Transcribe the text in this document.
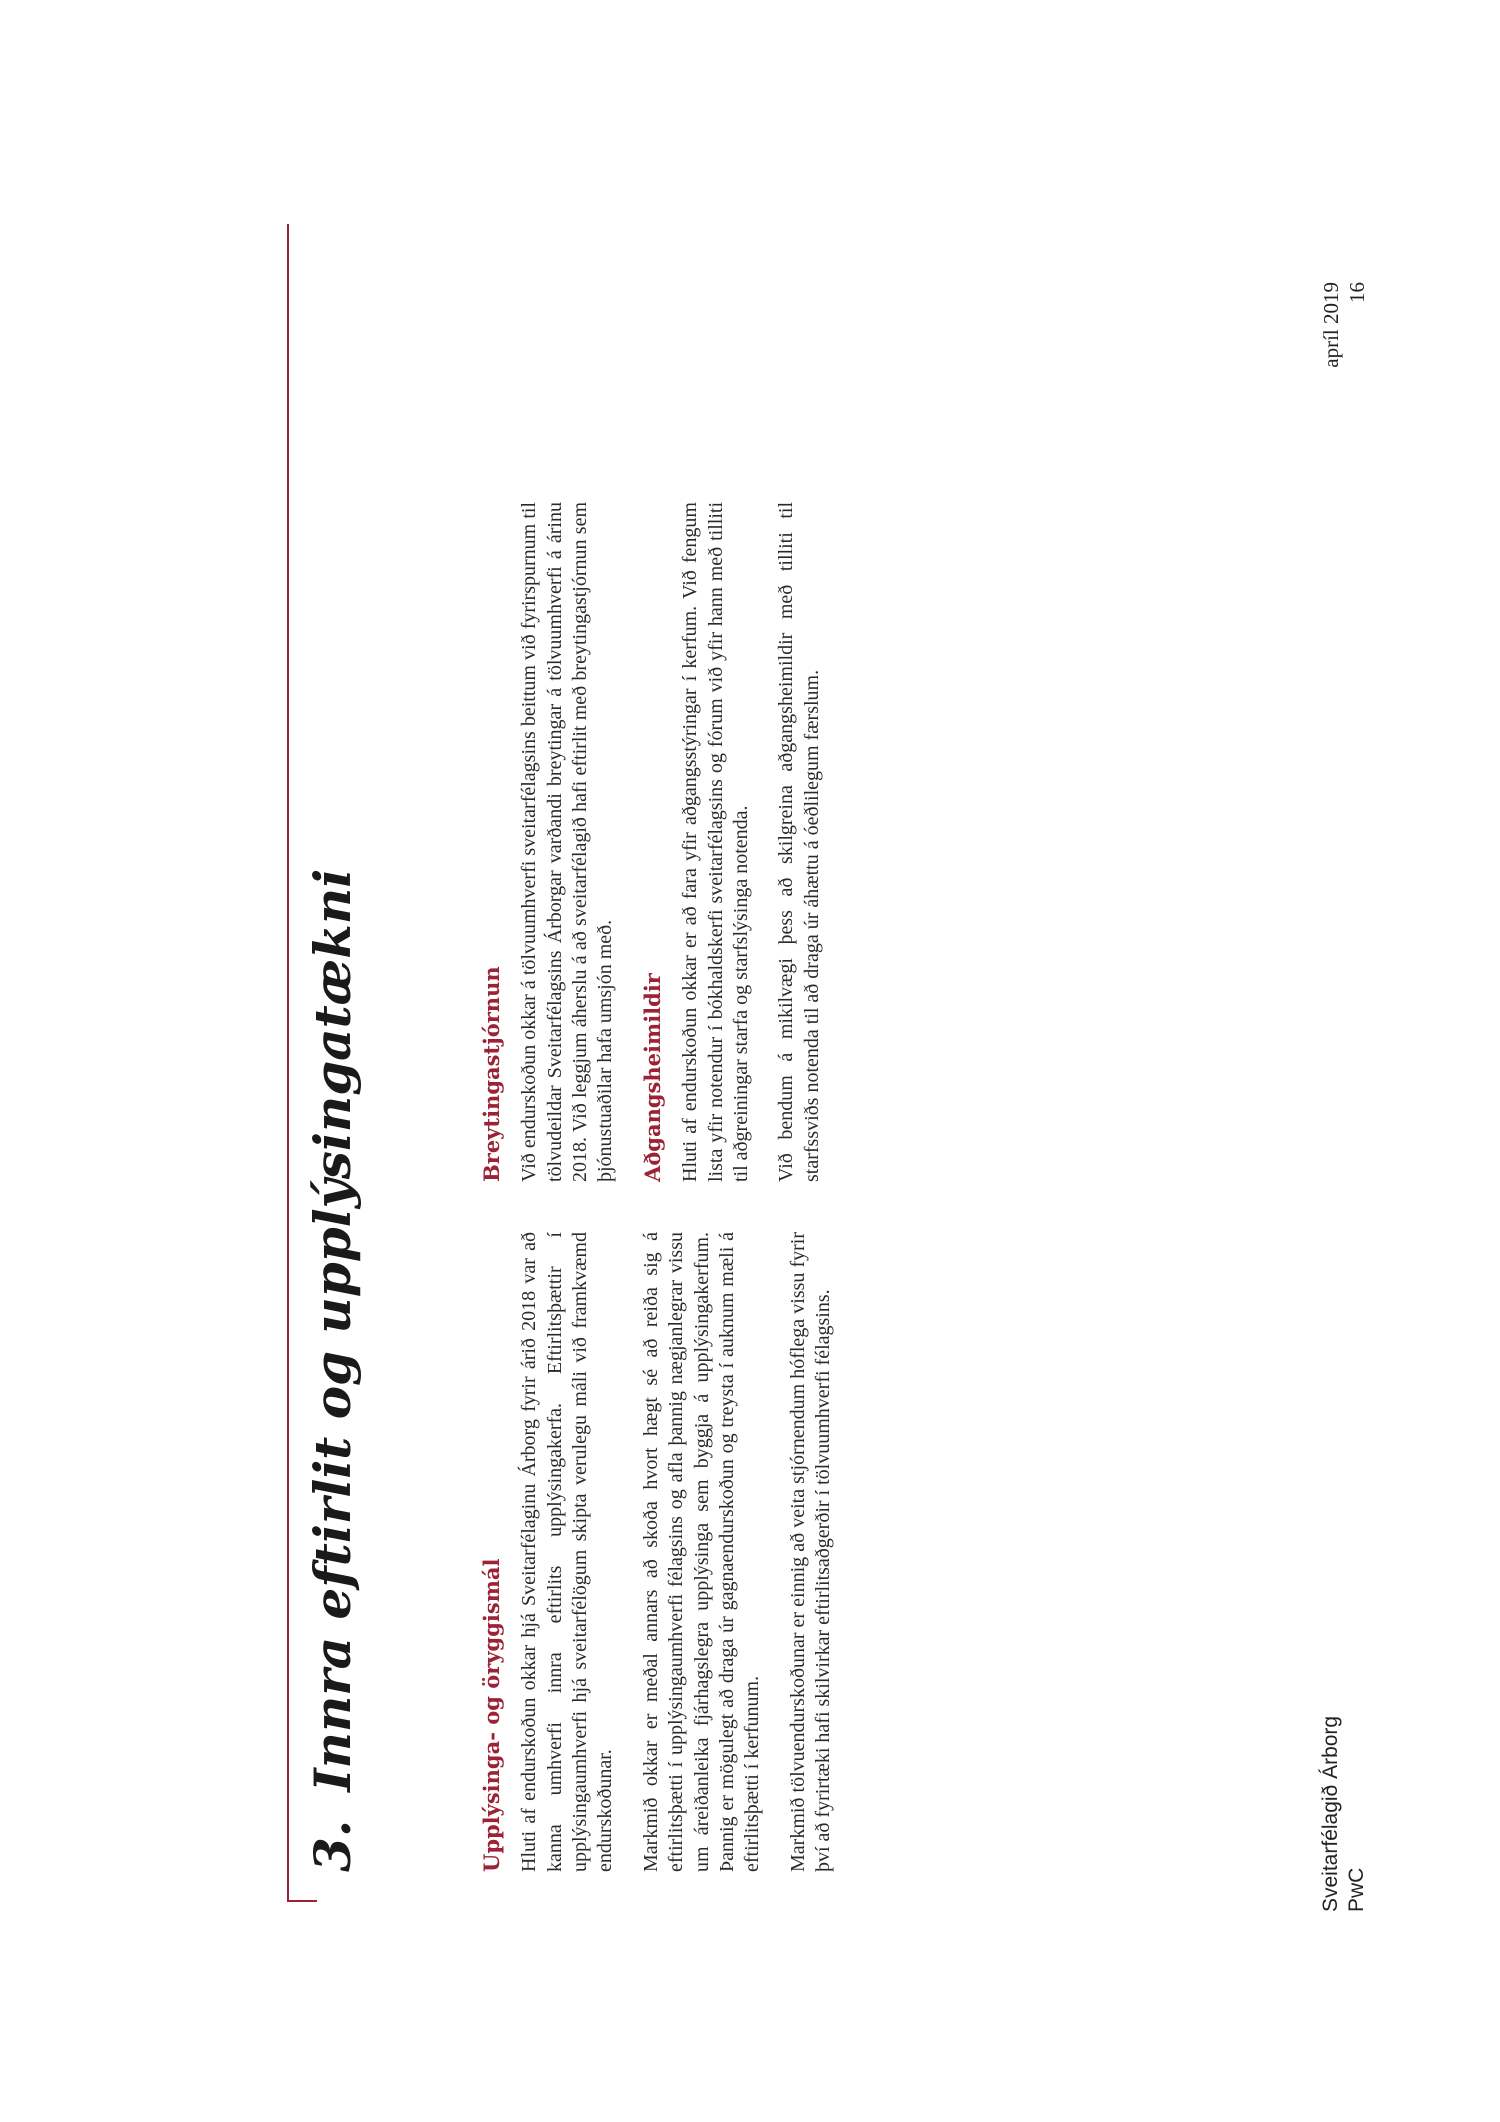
3.Innra eftirlit og upplýsingatækni	Upplýsinga- og öryggismál Hluti af endurskoðun okkar hjá Sveitarfélaginu Árborg fyrir árið 2018 var að kanna umhverfi innra eftirlits upplýsingakerfa. Eftirlitsþættir í upplýsingaumhverfi hjá sveitarfélögum skipta verulegu máli við framkvæmd endurskoðunar. Markmið okkar er meðal annars að skoða hvort hægt sé að reiða sig á eftirlitsþætti í upplýsingaumhverfi félagsins og afla þannig nægjanlegrar vissu um áreiðanleika fjárhagslegra upplýsinga sem byggja á upplýsingakerfum. Þannig er mögulegt að draga úr gagnaendurskoðun og treysta í auknum mæli á eftirlitsþætti í kerfunum. Markmið tölvuendurskoðunar er einnig að veita stjórnendum hóflega vissu fyrir því að fyrirtæki hafi skilvirkar eftirlitsaðgerðir í tölvuumhverfi félagsins.

Breytingastjórnun Við endurskoðun okkar á tölvuumhverfi sveitarfélagsins beittum við fyrirspurnum til tölvudeildar Sveitarfélagsins Árborgar varðandi breytingar á tölvuumhverfi á árinu 2018. Við leggjum áherslu á að sveitarfélagið hafi eftirlit með breytingastjórnun sem þjónustuaðilar hafa umsjón með. Aðgangsheimildir Hluti af endurskoðun okkar er að fara yfir aðgangsstýringar í kerfum. Við fengum lista yfir notendur í bókhaldskerfi sveitarfélagsins og fórum við yfir hann með tilliti til aðgreiningar starfa og starfslýsinga notenda. Við bendum á mikilvægi þess að skilgreina aðgangsheimildir með tilliti til starfssviðs notenda til að draga úr áhættu á óeðlilegum færslum.

Sveitarfélagið Árborg PwC
apríl 2019 16
